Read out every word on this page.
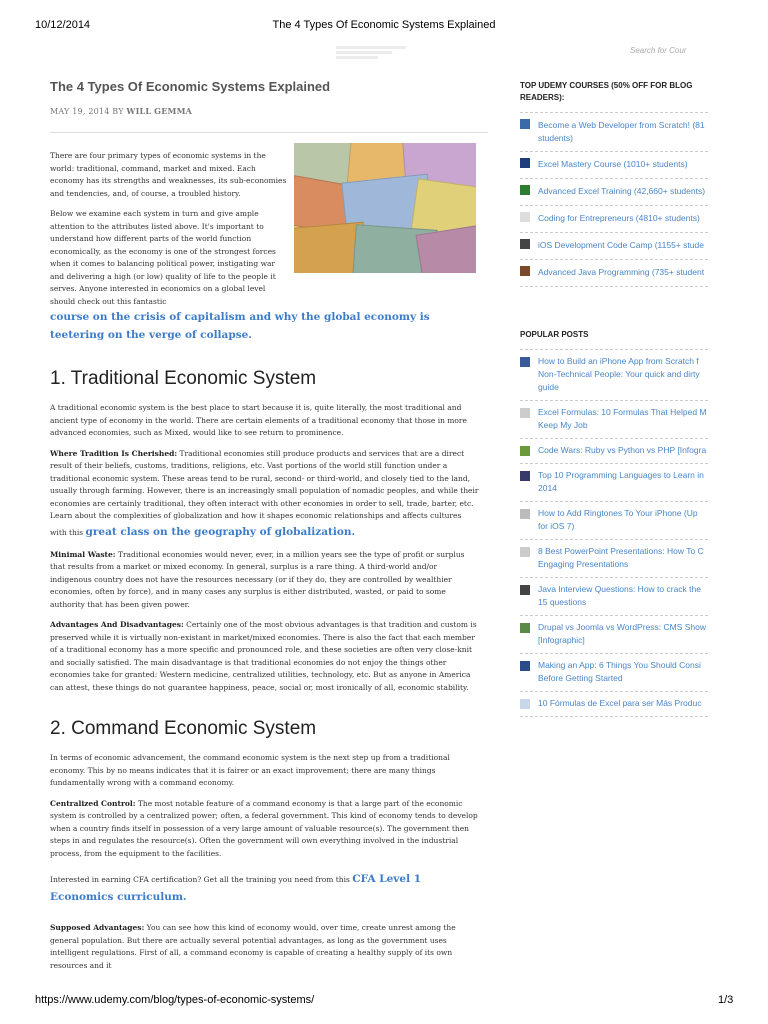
10/12/2014	The 4 Types Of Economic Systems Explained
Search for Cour
The 4 Types Of Economic Systems Explained
MAY 19, 2014 BY WILL GEMMA

There are four primary types of economic systems in the world: traditional, command, market and mixed. Each economy has its strengths and weaknesses, its sub-economies and tendencies, and, of course, a troubled history.

Below we examine each system in turn and give ample attention to the attributes listed above. It's important to understand how different parts of the world function economically, as the economy is one of the strongest forces when it comes to balancing political power, instigating war and delivering a high (or low) quality of life to the people it serves. Anyone interested in economics on a global level should check out this fantastic

course on the crisis of capitalism and why the global economy is teetering on the verge of collapse.

1. Traditional Economic System

A traditional economic system is the best place to start because it is, quite literally, the most traditional and ancient type of economy in the world. There are certain elements of a traditional economy that those in more advanced economies, such as Mixed, would like to see return to prominence.

Where Tradition Is Cherished: Traditional economies still produce products and services that are a direct result of their beliefs, customs, traditions, religions, etc. Vast portions of the world still function under a traditional economic system. These areas tend to be rural, second- or third-world, and closely tied to the land, usually through farming. However, there is an increasingly small population of nomadic peoples, and while their economies are certainly traditional, they often interact with other economies in order to sell, trade, barter, etc. Learn about the complexities of globalization and how it shapes economic relationships and affects cultures with this great class on the geography of globalization.

Minimal Waste: Traditional economies would never, ever, in a million years see the type of profit or surplus that results from a market or mixed economy. In general, surplus is a rare thing. A third-world and/or indigenous country does not have the resources necessary (or if they do, they are controlled by wealthier economies, often by force), and in many cases any surplus is either distributed, wasted, or paid to some authority that has been given power.

Advantages And Disadvantages: Certainly one of the most obvious advantages is that tradition and custom is preserved while it is virtually non-existant in market/mixed economies. There is also the fact that each member of a traditional economy has a more specific and pronounced role, and these societies are often very close-knit and socially satisfied. The main disadvantage is that traditional economies do not enjoy the things other economies take for granted: Western medicine, centralized utilities, technology, etc. But as anyone in America can attest, these things do not guarantee happiness, peace, social or, most ironically of all, economic stability.

2. Command Economic System

In terms of economic advancement, the command economic system is the next step up from a traditional economy. This by no means indicates that it is fairer or an exact improvement; there are many things fundamentally wrong with a command economy.

Centralized Control: The most notable feature of a command economy is that a large part of the economic system is controlled by a centralized power; often, a federal government. This kind of economy tends to develop when a country finds itself in possession of a very large amount of valuable resource(s). The government then steps in and regulates the resource(s). Often the government will own everything involved in the industrial process, from the equipment to the facilities.

Interested in earning CFA certification? Get all the training you need from this CFA Level 1 Economics curriculum.

Supposed Advantages: You can see how this kind of economy would, over time, create unrest among the general population. But there are actually several potential advantages, as long as the government uses intelligent regulations. First of all, a command economy is capable of creating a healthy supply of its own resources and it

TOP UDEMY COURSES (50% OFF FOR BLOG READERS):
Become a Web Developer from Scratch! (81
students)
Excel Mastery Course (1010+ students)
Advanced Excel Training (42,660+ students)
Coding for Entrepreneurs (4810+ students)
iOS Development Code Camp (1155+ stude
Advanced Java Programming (735+ student
POPULAR POSTS
How to Build an iPhone App from Scratch f
Non-Technical People: Your quick and dirty
guide
Excel Formulas: 10 Formulas That Helped M
Keep My Job
Code Wars: Ruby vs Python vs PHP [Infogra
Top 10 Programming Languages to Learn in
2014
How to Add Ringtones To Your iPhone (Up
for iOS 7)
8 Best PowerPoint Presentations: How To C
Engaging Presentations
Java Interview Questions: How to crack the
15 questions
Drupal vs Joomla vs WordPress: CMS Show
[Infographic]
Making an App: 6 Things You Should Consi
Before Getting Started
10 Fórmulas de Excel para ser Más Produc
https://www.udemy.com/blog/types-of-economic-systems/	1/3
